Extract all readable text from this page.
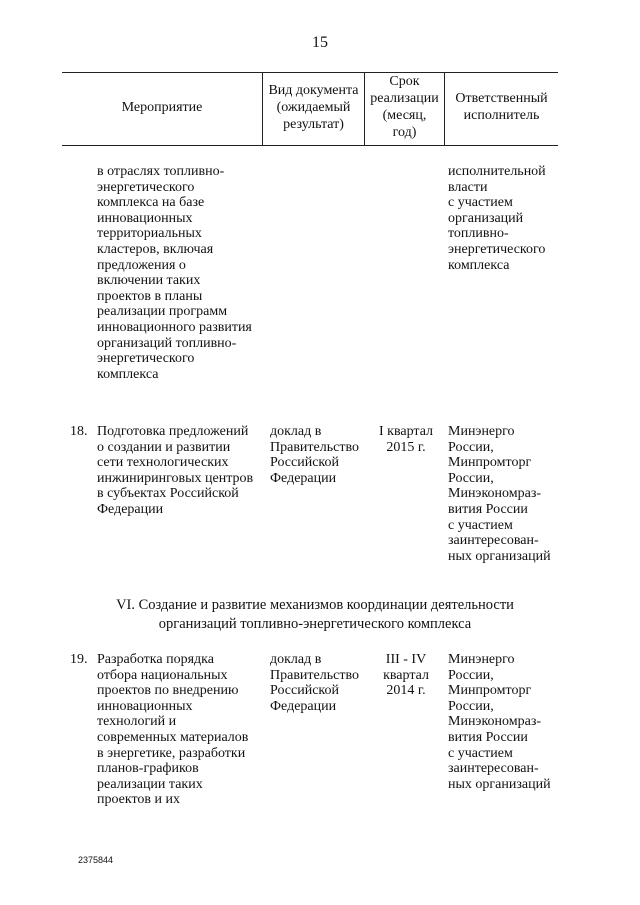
15
Мероприятие
Вид документа
(ожидаемый
результат)
Срок
реализации
(месяц,
год)
Ответственный
исполнитель
в отраслях топливно-
энергетического
комплекса на базе
инновационных
территориальных
кластеров, включая
предложения о
включении таких
проектов в планы
реализации программ
инновационного развития
организаций топливно-
энергетического
комплекса
исполнительной
власти
с участием
организаций
топливно-
энергетического
комплекса
18. Подготовка предложений
о создании и развитии
сети технологических
инжиниринговых центров
в субъектах Российской
Федерации
доклад в
Правительство
Российской
Федерации
I квартал
2015 г.
Минэнерго
России,
Минпромторг
России,
Минэкономраз-
вития России
с участием
заинтересован-
ных организаций
VI. Создание и развитие механизмов координации деятельности
организаций топливно-энергетического комплекса
19. Разработка порядка
отбора национальных
проектов по внедрению
инновационных
технологий и
современных материалов
в энергетике, разработки
планов-графиков
реализации таких
проектов и их
доклад в
Правительство
Российской
Федерации
III - IV
квартал
2014 г.
Минэнерго
России,
Минпромторг
России,
Минэкономраз-
вития России
с участием
заинтересован-
ных организаций
2375844
